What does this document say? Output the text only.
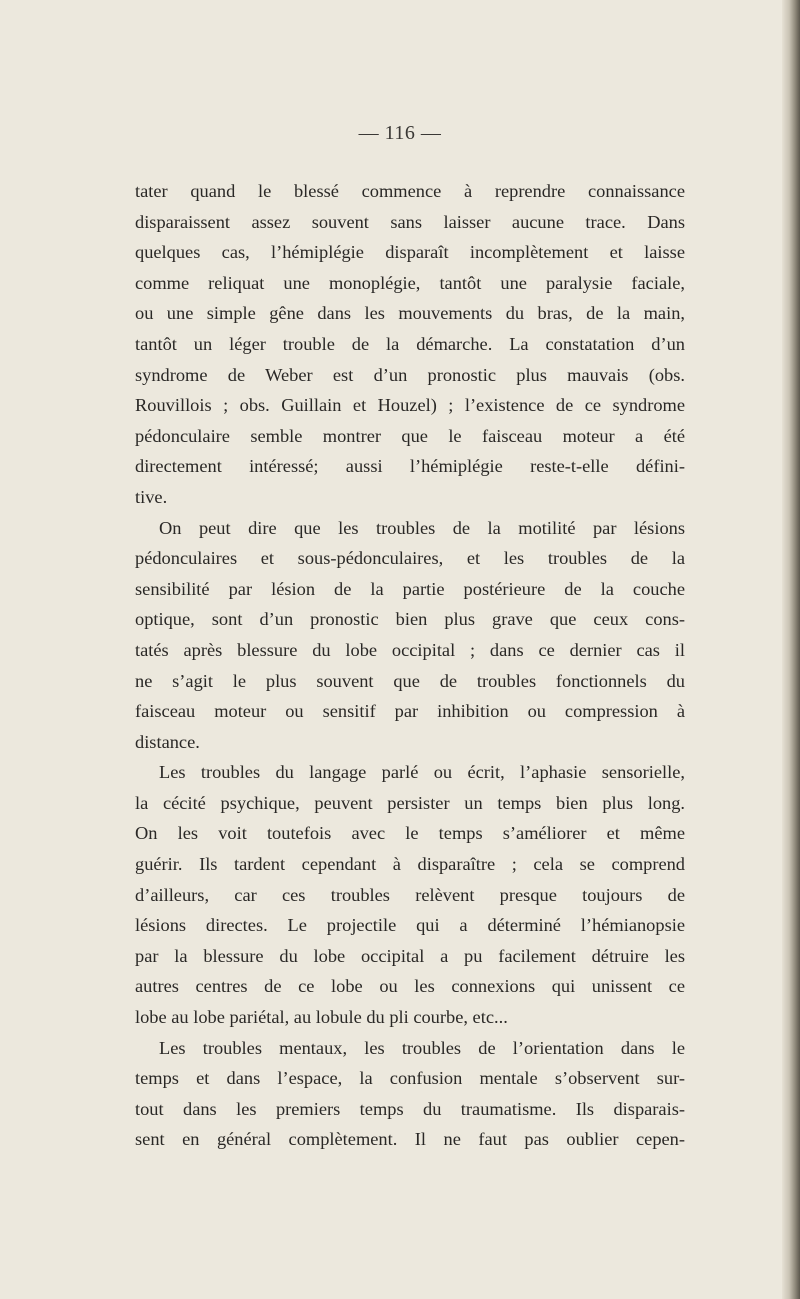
— 116 —

tater quand le blessé commence à reprendre connaissance
disparaissent assez souvent sans laisser aucune trace. Dans
quelques cas, l’hémiplégie disparaît incomplètement et laisse
comme reliquat une monoplégie, tantôt une paralysie faciale,
ou une simple gêne dans les mouvements du bras, de la main,
tantôt un léger trouble de la démarche. La constatation d’un
syndrome de Weber est d’un pronostic plus mauvais (obs.
Rouvillois ; obs. Guillain et Houzel) ; l’existence de ce syndrome
pédonculaire semble montrer que le faisceau moteur a été
directement intéressé; aussi l’hémiplégie reste-t-elle défini-
tive.

On peut dire que les troubles de la motilité par lésions
pédonculaires et sous-pédonculaires, et les troubles de la
sensibilité par lésion de la partie postérieure de la couche
optique, sont d’un pronostic bien plus grave que ceux cons-
tatés après blessure du lobe occipital ; dans ce dernier cas il
ne s’agit le plus souvent que de troubles fonctionnels du
faisceau moteur ou sensitif par inhibition ou compression à
distance.

Les troubles du langage parlé ou écrit, l’aphasie sensorielle,
la cécité psychique, peuvent persister un temps bien plus long.
On les voit toutefois avec le temps s’améliorer et même
guérir. Ils tardent cependant à disparaître ; cela se comprend
d’ailleurs, car ces troubles relèvent presque toujours de
lésions directes. Le projectile qui a déterminé l’hémianopsie
par la blessure du lobe occipital a pu facilement détruire les
autres centres de ce lobe ou les connexions qui unissent ce
lobe au lobe pariétal, au lobule du pli courbe, etc...

Les troubles mentaux, les troubles de l’orientation dans le
temps et dans l’espace, la confusion mentale s’observent sur-
tout dans les premiers temps du traumatisme. Ils disparais-
sent en général complètement. Il ne faut pas oublier cepen-
